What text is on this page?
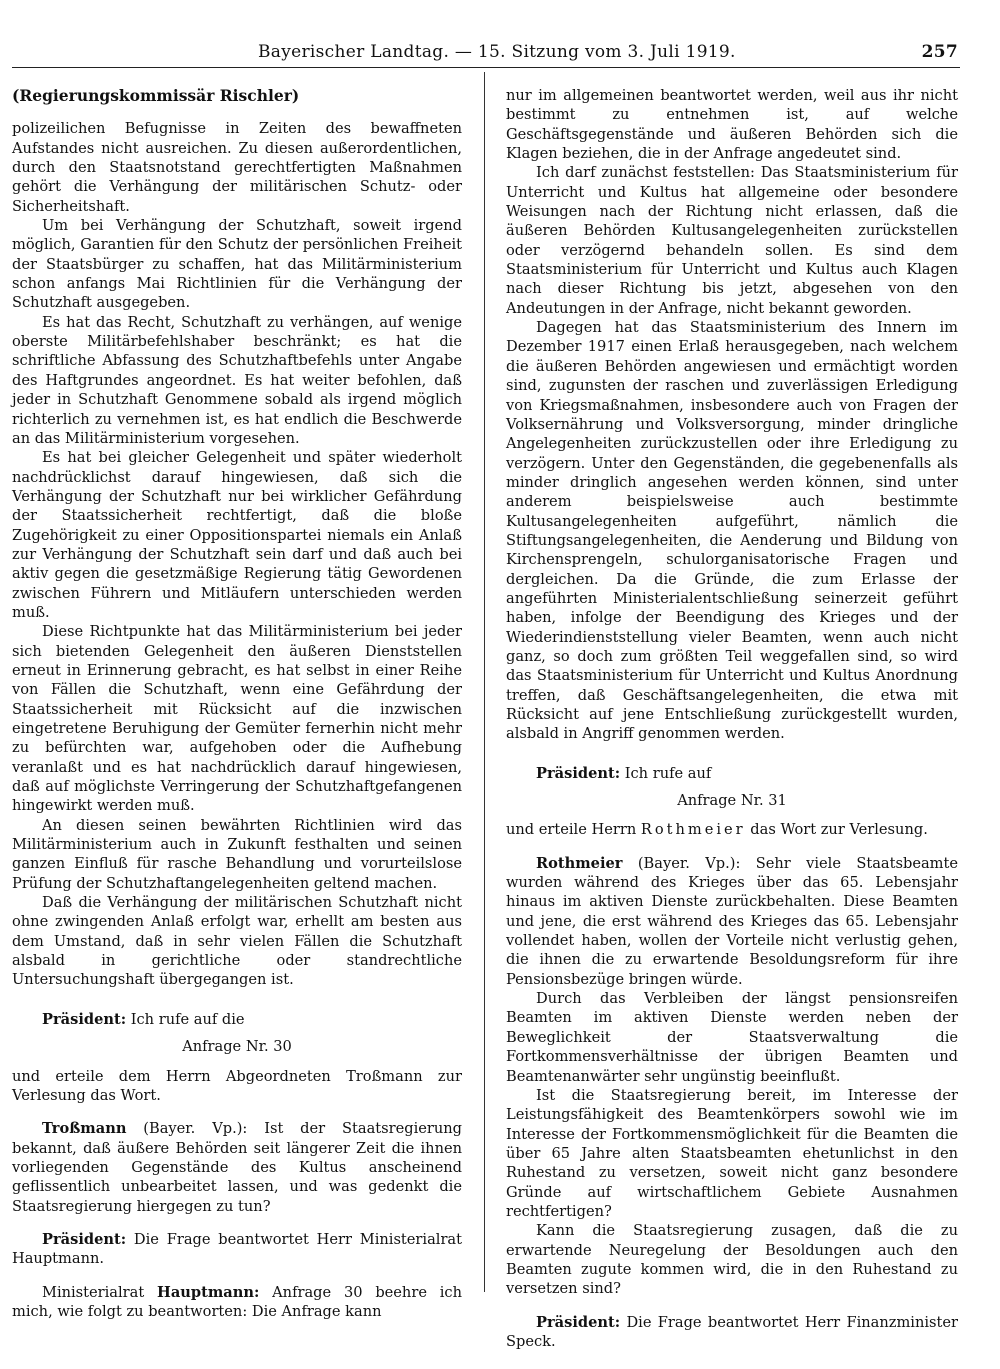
Bayerischer Landtag. — 15. Sitzung vom 3. Juli 1919.	257

(Regierungskommissär Rischler)

polizeilichen Befugnisse in Zeiten des bewaffneten Aufstandes nicht ausreichen. Zu diesen außerordentlichen, durch den Staatsnotstand gerechtfertigten Maßnahmen gehört die Verhängung der militärischen Schutz- oder Sicherheitshaft.

Um bei Verhängung der Schutzhaft, soweit irgend möglich, Garantien für den Schutz der persönlichen Freiheit der Staatsbürger zu schaffen, hat das Militärministerium schon anfangs Mai Richtlinien für die Verhängung der Schutzhaft ausgegeben.

Es hat das Recht, Schutzhaft zu verhängen, auf wenige oberste Militärbefehlshaber beschränkt; es hat die schriftliche Abfassung des Schutzhaftbefehls unter Angabe des Haftgrundes angeordnet. Es hat weiter befohlen, daß jeder in Schutzhaft Genommene sobald als irgend möglich richterlich zu vernehmen ist, es hat endlich die Beschwerde an das Militärministerium vorgesehen.

Es hat bei gleicher Gelegenheit und später wiederholt nachdrücklichst darauf hingewiesen, daß sich die Verhängung der Schutzhaft nur bei wirklicher Gefährdung der Staatssicherheit rechtfertigt, daß die bloße Zugehörigkeit zu einer Oppositionspartei niemals ein Anlaß zur Verhängung der Schutzhaft sein darf und daß auch bei aktiv gegen die gesetzmäßige Regierung tätig Gewordenen zwischen Führern und Mitläufern unterschieden werden muß.

Diese Richtpunkte hat das Militärministerium bei jeder sich bietenden Gelegenheit den äußeren Dienststellen erneut in Erinnerung gebracht, es hat selbst in einer Reihe von Fällen die Schutzhaft, wenn eine Gefährdung der Staatssicherheit mit Rücksicht auf die inzwischen eingetretene Beruhigung der Gemüter fernerhin nicht mehr zu befürchten war, aufgehoben oder die Aufhebung veranlaßt und es hat nachdrücklich darauf hingewiesen, daß auf möglichste Verringerung der Schutzhaftgefangenen hingewirkt werden muß.

An diesen seinen bewährten Richtlinien wird das Militärministerium auch in Zukunft festhalten und seinen ganzen Einfluß für rasche Behandlung und vorurteilslose Prüfung der Schutzhaftangelegenheiten geltend machen.

Daß die Verhängung der militärischen Schutzhaft nicht ohne zwingenden Anlaß erfolgt war, erhellt am besten aus dem Umstand, daß in sehr vielen Fällen die Schutzhaft alsbald in gerichtliche oder standrechtliche Untersuchungshaft übergegangen ist.

Präsident: Ich rufe auf die

Anfrage Nr. 30

und erteile dem Herrn Abgeordneten Troßmann zur Verlesung das Wort.

Troßmann (Bayer. Vp.): Ist der Staatsregierung bekannt, daß äußere Behörden seit längerer Zeit die ihnen vorliegenden Gegenstände des Kultus anscheinend geflissentlich unbearbeitet lassen, und was gedenkt die Staatsregierung hiergegen zu tun?

Präsident: Die Frage beantwortet Herr Ministerialrat Hauptmann.

Ministerialrat Hauptmann: Anfrage 30 beehre ich mich, wie folgt zu beantworten: Die Anfrage kann

nur im allgemeinen beantwortet werden, weil aus ihr nicht bestimmt zu entnehmen ist, auf welche Geschäftsgegenstände und äußeren Behörden sich die Klagen beziehen, die in der Anfrage angedeutet sind.

Ich darf zunächst feststellen: Das Staatsministerium für Unterricht und Kultus hat allgemeine oder besondere Weisungen nach der Richtung nicht erlassen, daß die äußeren Behörden Kultusangelegenheiten zurückstellen oder verzögernd behandeln sollen. Es sind dem Staatsministerium für Unterricht und Kultus auch Klagen nach dieser Richtung bis jetzt, abgesehen von den Andeutungen in der Anfrage, nicht bekannt geworden.

Dagegen hat das Staatsministerium des Innern im Dezember 1917 einen Erlaß herausgegeben, nach welchem die äußeren Behörden angewiesen und ermächtigt worden sind, zugunsten der raschen und zuverlässigen Erledigung von Kriegsmaßnahmen, insbesondere auch von Fragen der Volksernährung und Volksversorgung, minder dringliche Angelegenheiten zurückzustellen oder ihre Erledigung zu verzögern. Unter den Gegenständen, die gegebenenfalls als minder dringlich angesehen werden können, sind unter anderem beispielsweise auch bestimmte Kultusangelegenheiten aufgeführt, nämlich die Stiftungsangelegenheiten, die Aenderung und Bildung von Kirchensprengeln, schulorganisatorische Fragen und dergleichen. Da die Gründe, die zum Erlasse der angeführten Ministerialentschließung seinerzeit geführt haben, infolge der Beendigung des Krieges und der Wiederindienststellung vieler Beamten, wenn auch nicht ganz, so doch zum größten Teil weggefallen sind, so wird das Staatsministerium für Unterricht und Kultus Anordnung treffen, daß Geschäftsangelegenheiten, die etwa mit Rücksicht auf jene Entschließung zurückgestellt wurden, alsbald in Angriff genommen werden.

Präsident: Ich rufe auf

Anfrage Nr. 31

und erteile Herrn Rothmeier das Wort zur Verlesung.

Rothmeier (Bayer. Vp.): Sehr viele Staatsbeamte wurden während des Krieges über das 65. Lebensjahr hinaus im aktiven Dienste zurückbehalten. Diese Beamten und jene, die erst während des Krieges das 65. Lebensjahr vollendet haben, wollen der Vorteile nicht verlustig gehen, die ihnen die zu erwartende Besoldungsreform für ihre Pensionsbezüge bringen würde.

Durch das Verbleiben der längst pensionsreifen Beamten im aktiven Dienste werden neben der Beweglichkeit der Staatsverwaltung die Fortkommensverhältnisse der übrigen Beamten und Beamtenanwärter sehr ungünstig beeinflußt.

Ist die Staatsregierung bereit, im Interesse der Leistungsfähigkeit des Beamtenkörpers sowohl wie im Interesse der Fortkommensmöglichkeit für die Beamten die über 65 Jahre alten Staatsbeamten ehetunlichst in den Ruhestand zu versetzen, soweit nicht ganz besondere Gründe auf wirtschaftlichem Gebiete Ausnahmen rechtfertigen?

Kann die Staatsregierung zusagen, daß die zu erwartende Neuregelung der Besoldungen auch den Beamten zugute kommen wird, die in den Ruhestand zu versetzen sind?

Präsident: Die Frage beantwortet Herr Finanzminister Speck.
